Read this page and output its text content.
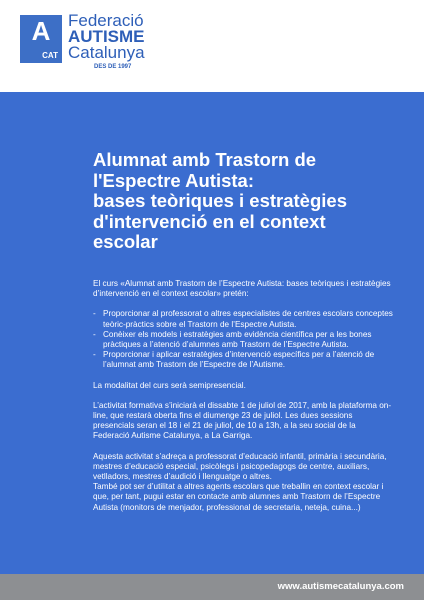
A
CAT
Federació
AUTISME
Catalunya
DES DE 1997
Alumnat amb Trastorn de
l'Espectre Autista:
bases teòriques i estratègies
d'intervenció en el context
escolar

El curs «Alumnat amb Trastorn de l’Espectre Autista: bases teòriques i estratègies d’intervenció en el context escolar» pretén:

- Proporcionar al professorat o altres especialistes de centres escolars conceptes teòric-pràctics sobre el Trastorn de l’Espectre Autista.
- Conèixer els models i estratègies amb evidència científica per a les bones pràctiques a l’atenció d’alumnes amb Trastorn de l’Espectre Autista.
- Proporcionar i aplicar estratègies d’intervenció específics per a l’atenció de l’alumnat amb Trastorn de l’Espectre de l’Autisme.

La modalitat del curs serà semipresencial.

L’activitat formativa s’iniciarà el dissabte 1 de juliol de 2017, amb la plataforma on-line, que restarà oberta fins el diumenge 23 de juliol. Les dues sessions presencials seran el 18 i el 21 de juliol, de 10 a 13h, a la seu social de la Federació Autisme Catalunya, a La Garriga.

Aquesta activitat s’adreça a professorat d’educació infantil, primària i secundària, mestres d’educació especial, psicòlegs i psicopedagogs de centre, auxiliars, vetlladors, mestres d’audició i llenguatge o altres.

També pot ser d’utilitat a altres agents escolars que treballin en context escolar i que, per tant, pugui estar en contacte amb alumnes amb Trastorn de l’Espectre Autista (monitors de menjador, professional de secretaria, neteja, cuina...)

www.autismecatalunya.com
